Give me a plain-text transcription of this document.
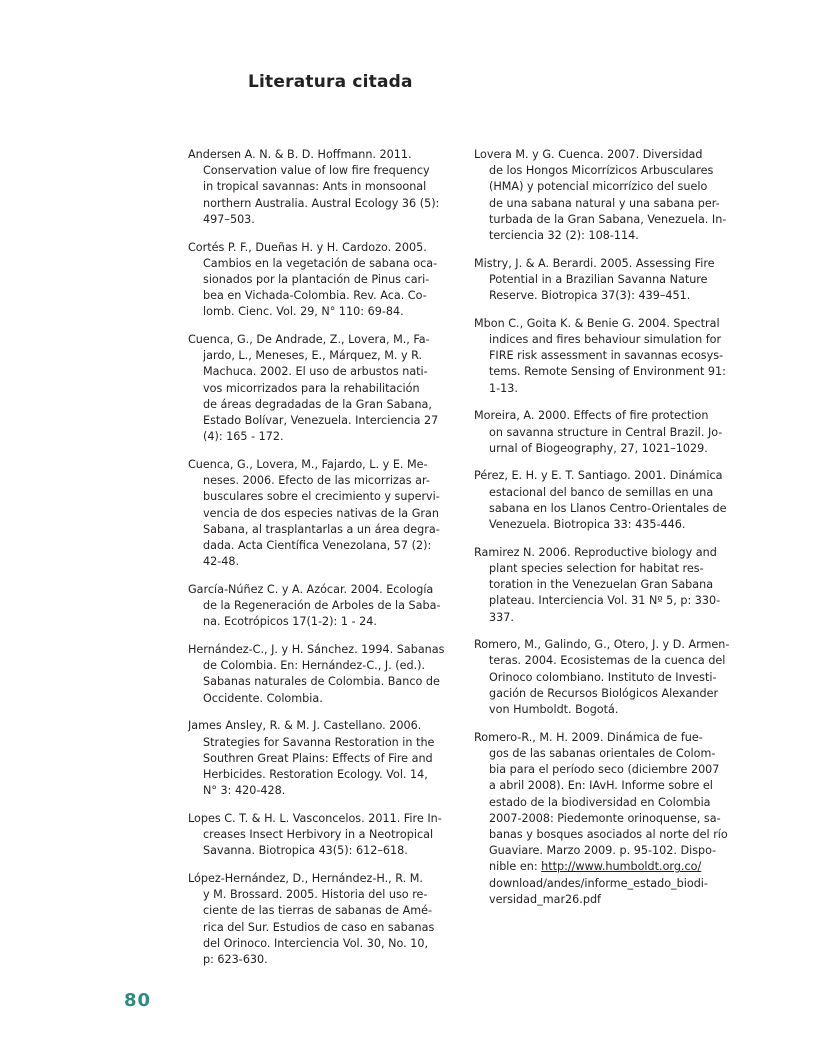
Literatura citada
Andersen A. N. & B. D. Hoffmann. 2011.
Conservation value of low fire frequency
in tropical savannas: Ants in monsoonal
northern Australia. Austral Ecology 36 (5):
497–503.
Cortés P. F., Dueñas H. y H. Cardozo. 2005.
Cambios en la vegetación de sabana oca-
sionados por la plantación de Pinus cari-
bea en Vichada-Colombia. Rev. Aca. Co-
lomb. Cienc. Vol. 29, N° 110: 69-84.
Cuenca, G., De Andrade, Z., Lovera, M., Fa-
jardo, L., Meneses, E., Márquez, M. y R.
Machuca. 2002. El uso de arbustos nati-
vos micorrizados para la rehabilitación
de áreas degradadas de la Gran Sabana,
Estado Bolívar, Venezuela. Interciencia 27
(4): 165 - 172.
Cuenca, G., Lovera, M., Fajardo, L. y E. Me-
neses. 2006. Efecto de las micorrizas ar-
busculares sobre el crecimiento y supervi-
vencia de dos especies nativas de la Gran
Sabana, al trasplantarlas a un área degra-
dada. Acta Científica Venezolana, 57 (2):
42-48.
García-Núñez C. y A. Azócar. 2004. Ecología
de la Regeneración de Arboles de la Saba-
na. Ecotrópicos 17(1-2): 1 - 24.
Hernández-C., J. y H. Sánchez. 1994. Sabanas
de Colombia. En: Hernández-C., J. (ed.).
Sabanas naturales de Colombia. Banco de
Occidente. Colombia.
James Ansley, R. & M. J. Castellano. 2006.
Strategies for Savanna Restoration in the
Southren Great Plains: Effects of Fire and
Herbicides. Restoration Ecology. Vol. 14,
N° 3: 420-428.
Lopes C. T. & H. L. Vasconcelos. 2011. Fire In-
creases Insect Herbivory in a Neotropical
Savanna. Biotropica 43(5): 612–618.
López-Hernández, D., Hernández-H., R. M.
y M. Brossard. 2005. Historia del uso re-
ciente de las tierras de sabanas de Amé-
rica del Sur. Estudios de caso en sabanas
del Orinoco. Interciencia Vol. 30, No. 10,
p: 623-630.
Lovera M. y G. Cuenca. 2007. Diversidad
de los Hongos Micorrízicos Arbusculares
(HMA) y potencial micorrízico del suelo
de una sabana natural y una sabana per-
turbada de la Gran Sabana, Venezuela. In-
terciencia 32 (2): 108-114.
Mistry, J. & A. Berardi. 2005. Assessing Fire
Potential in a Brazilian Savanna Nature
Reserve. Biotropica 37(3): 439–451.
Mbon C., Goita K. & Benie G. 2004. Spectral
indices and fires behaviour simulation for
FIRE risk assessment in savannas ecosys-
tems. Remote Sensing of Environment 91:
1-13.
Moreira, A. 2000. Effects of fire protection
on savanna structure in Central Brazil. Jo-
urnal of Biogeography, 27, 1021–1029.
Pérez, E. H. y E. T. Santiago. 2001. Dinámica
estacional del banco de semillas en una
sabana en los Llanos Centro-Orientales de
Venezuela. Biotropica 33: 435-446.
Ramirez N. 2006. Reproductive biology and
plant species selection for habitat res-
toration in the Venezuelan Gran Sabana
plateau. Interciencia Vol. 31 Nº 5, p: 330-
337.
Romero, M., Galindo, G., Otero, J. y D. Armen-
teras. 2004. Ecosistemas de la cuenca del
Orinoco colombiano. Instituto de Investi-
gación de Recursos Biológicos Alexander
von Humboldt. Bogotá.
Romero-R., M. H. 2009. Dinámica de fue-
gos de las sabanas orientales de Colom-
bia para el período seco (diciembre 2007
a abril 2008). En: IAvH. Informe sobre el
estado de la biodiversidad en Colombia
2007-2008: Piedemonte orinoquense, sa-
banas y bosques asociados al norte del río
Guaviare. Marzo 2009. p. 95-102. Dispo-
nible en: http://www.humboldt.org.co/
download/andes/informe_estado_biodi-
versidad_mar26.pdf
80
